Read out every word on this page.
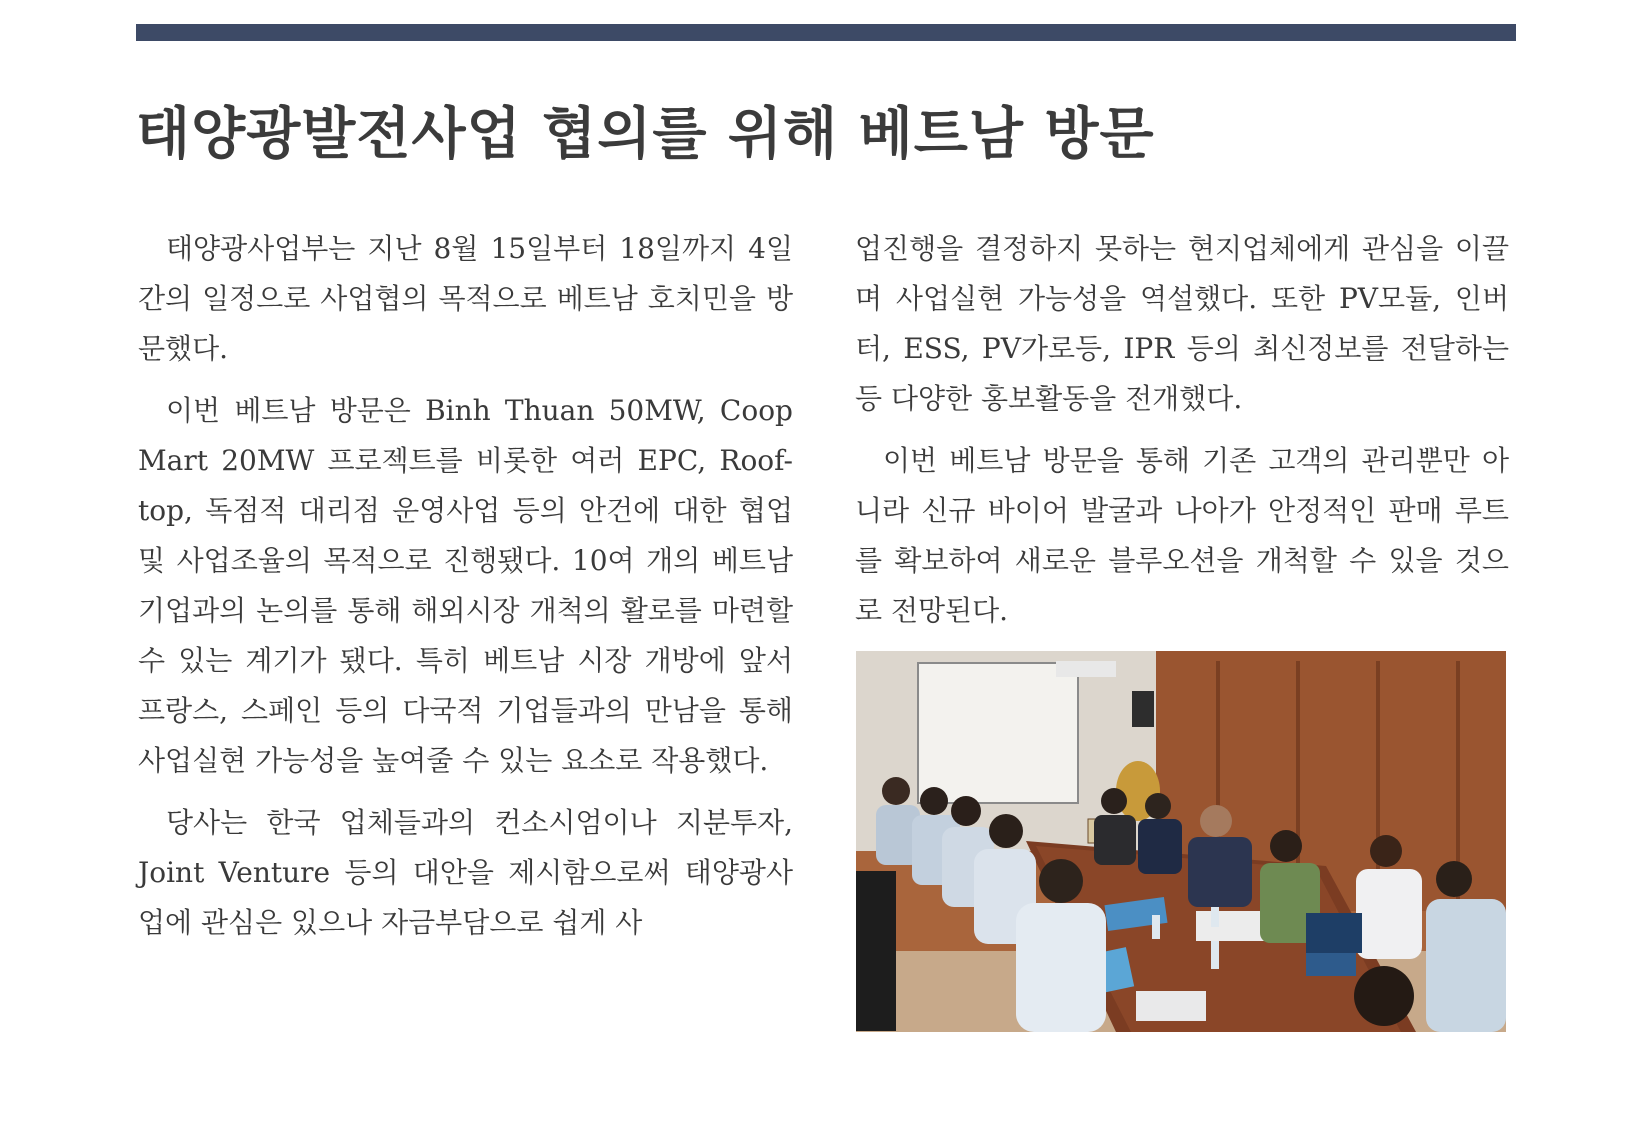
태양광발전사업 협의를 위해 베트남 방문

태양광사업부는 지난 8월 15일부터 18일까지 4일간의 일정으로 사업협의 목적으로 베트남 호치민을 방문했다.

이번 베트남 방문은 Binh Thuan 50MW, Coop Mart 20MW 프로젝트를 비롯한 여러 EPC, Roof-top, 독점적 대리점 운영사업 등의 안건에 대한 협업 및 사업조율의 목적으로 진행됐다. 10여 개의 베트남 기업과의 논의를 통해 해외시장 개척의 활로를 마련할 수 있는 계기가 됐다. 특히 베트남 시장 개방에 앞서 프랑스, 스페인 등의 다국적 기업들과의 만남을 통해 사업실현 가능성을 높여줄 수 있는 요소로 작용했다.

당사는 한국 업체들과의 컨소시엄이나 지분투자, Joint Venture 등의 대안을 제시함으로써 태양광사업에 관심은 있으나 자금부담으로 쉽게 사

업진행을 결정하지 못하는 현지업체에게 관심을 이끌며 사업실현 가능성을 역설했다. 또한 PV모듈, 인버터, ESS, PV가로등, IPR 등의 최신정보를 전달하는 등 다양한 홍보활동을 전개했다.

이번 베트남 방문을 통해 기존 고객의 관리뿐만 아니라 신규 바이어 발굴과 나아가 안정적인 판매 루트를 확보하여 새로운 블루오션을 개척할 수 있을 것으로 전망된다.
